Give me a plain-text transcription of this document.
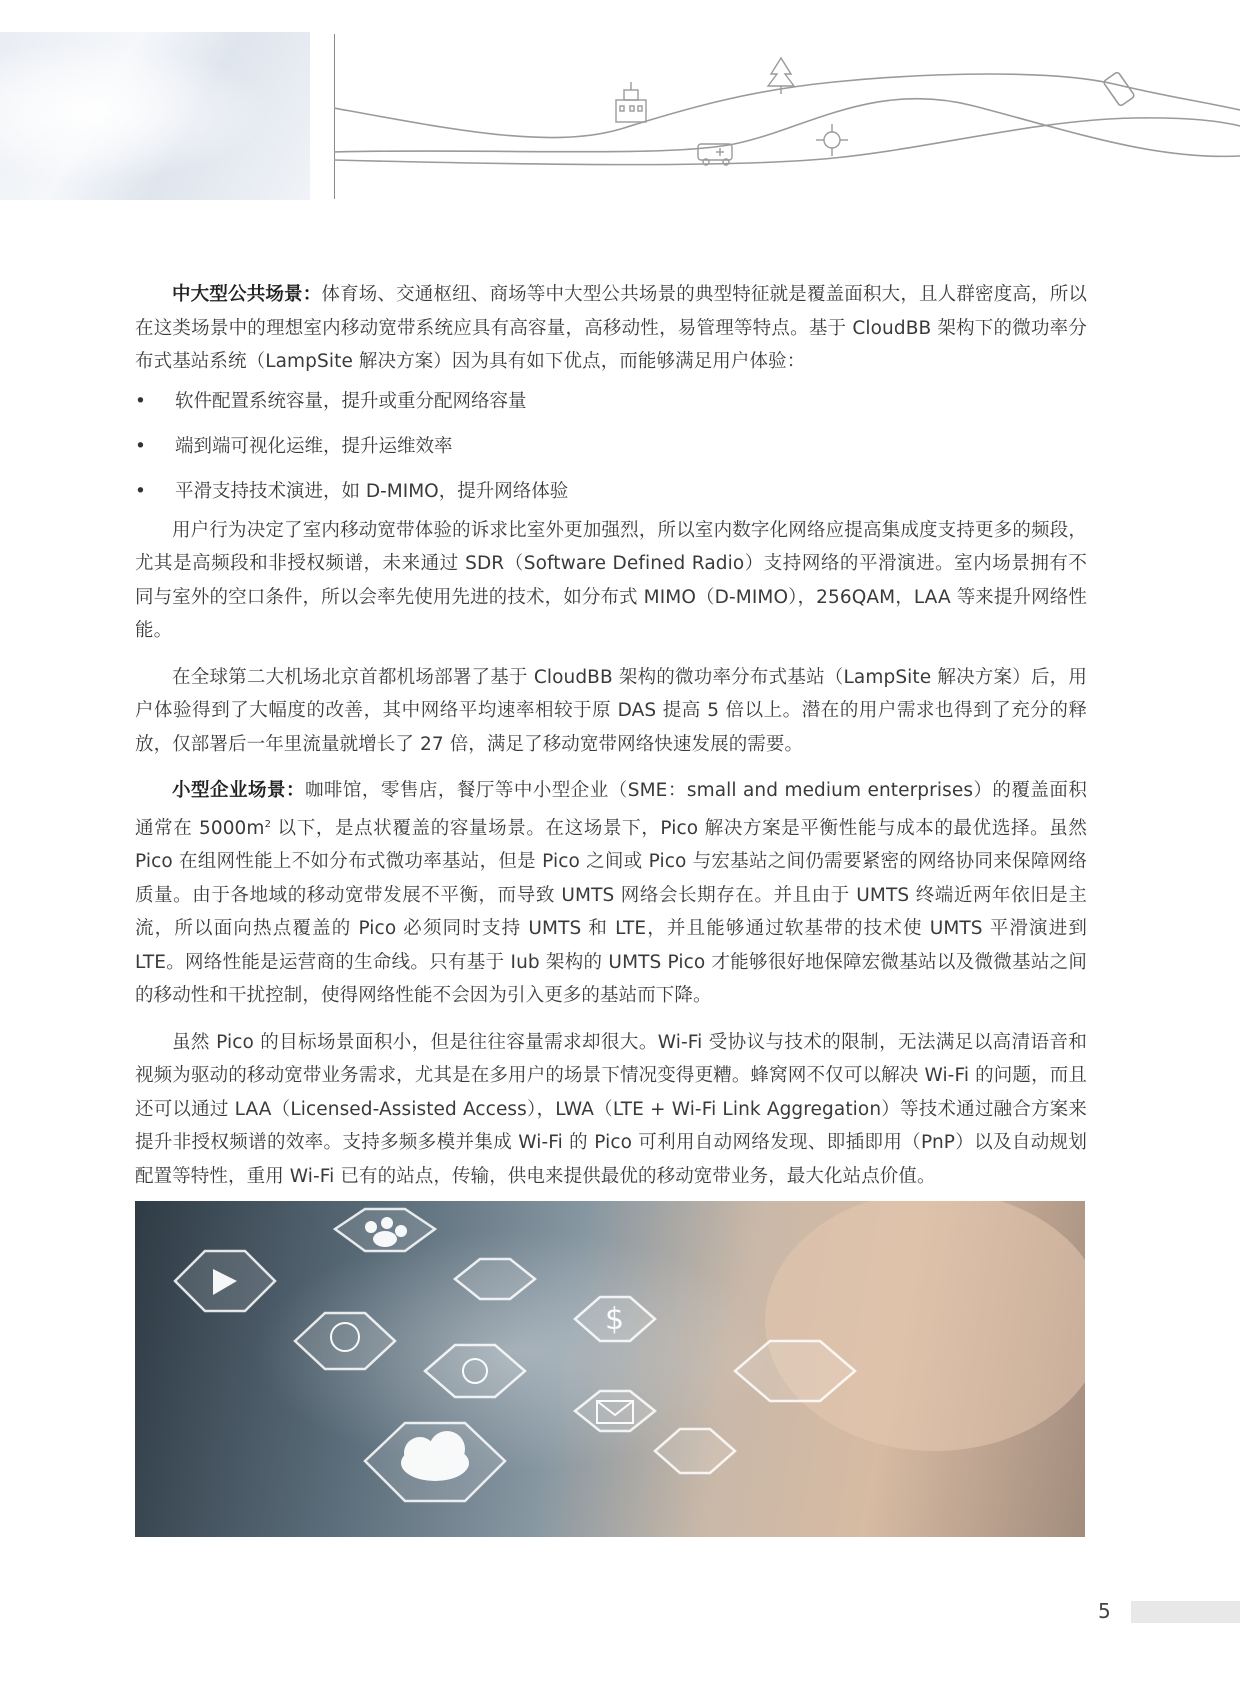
中大型公共场景：体育场、交通枢纽、商场等中大型公共场景的典型特征就是覆盖面积大，且人群密度高，所以在这类场景中的理想室内移动宽带系统应具有高容量，高移动性，易管理等特点。基于 CloudBB 架构下的微功率分布式基站系统（LampSite 解决方案）因为具有如下优点，而能够满足用户体验：

• 软件配置系统容量，提升或重分配网络容量
• 端到端可视化运维，提升运维效率
• 平滑支持技术演进，如 D-MIMO，提升网络体验

用户行为决定了室内移动宽带体验的诉求比室外更加强烈，所以室内数字化网络应提高集成度支持更多的频段，尤其是高频段和非授权频谱，未来通过 SDR（Software Defined Radio）支持网络的平滑演进。室内场景拥有不同与室外的空口条件，所以会率先使用先进的技术，如分布式 MIMO（D-MIMO），256QAM，LAA 等来提升网络性能。

在全球第二大机场北京首都机场部署了基于 CloudBB 架构的微功率分布式基站（LampSite 解决方案）后，用户体验得到了大幅度的改善，其中网络平均速率相较于原 DAS 提高 5 倍以上。潜在的用户需求也得到了充分的释放，仅部署后一年里流量就增长了 27 倍，满足了移动宽带网络快速发展的需要。

小型企业场景：咖啡馆，零售店，餐厅等中小型企业（SME：small and medium enterprises）的覆盖面积通常在 $5000m^2$ 以下，是点状覆盖的容量场景。在这场景下，Pico 解决方案是平衡性能与成本的最优选择。虽然 Pico 在组网性能上不如分布式微功率基站，但是 Pico 之间或 Pico 与宏基站之间仍需要紧密的网络协同来保障网络质量。由于各地域的移动宽带发展不平衡，而导致 UMTS 网络会长期存在。并且由于 UMTS 终端近两年依旧是主流，所以面向热点覆盖的 Pico 必须同时支持 UMTS 和 LTE，并且能够通过软基带的技术使 UMTS 平滑演进到 LTE。网络性能是运营商的生命线。只有基于 Iub 架构的 UMTS Pico 才能够很好地保障宏微基站以及微微基站之间的移动性和干扰控制，使得网络性能不会因为引入更多的基站而下降。

虽然 Pico 的目标场景面积小，但是往往容量需求却很大。Wi-Fi 受协议与技术的限制，无法满足以高清语音和视频为驱动的移动宽带业务需求，尤其是在多用户的场景下情况变得更糟。蜂窝网不仅可以解决 Wi-Fi 的问题，而且还可以通过 LAA（Licensed-Assisted Access），LWA（LTE + Wi-Fi Link Aggregation）等技术通过融合方案来提升非授权频谱的效率。支持多频多模并集成 Wi-Fi 的 Pico 可利用自动网络发现、即插即用（PnP）以及自动规划配置等特性，重用 Wi-Fi 已有的站点，传输，供电来提供最优的移动宽带业务，最大化站点价值。

$
5
